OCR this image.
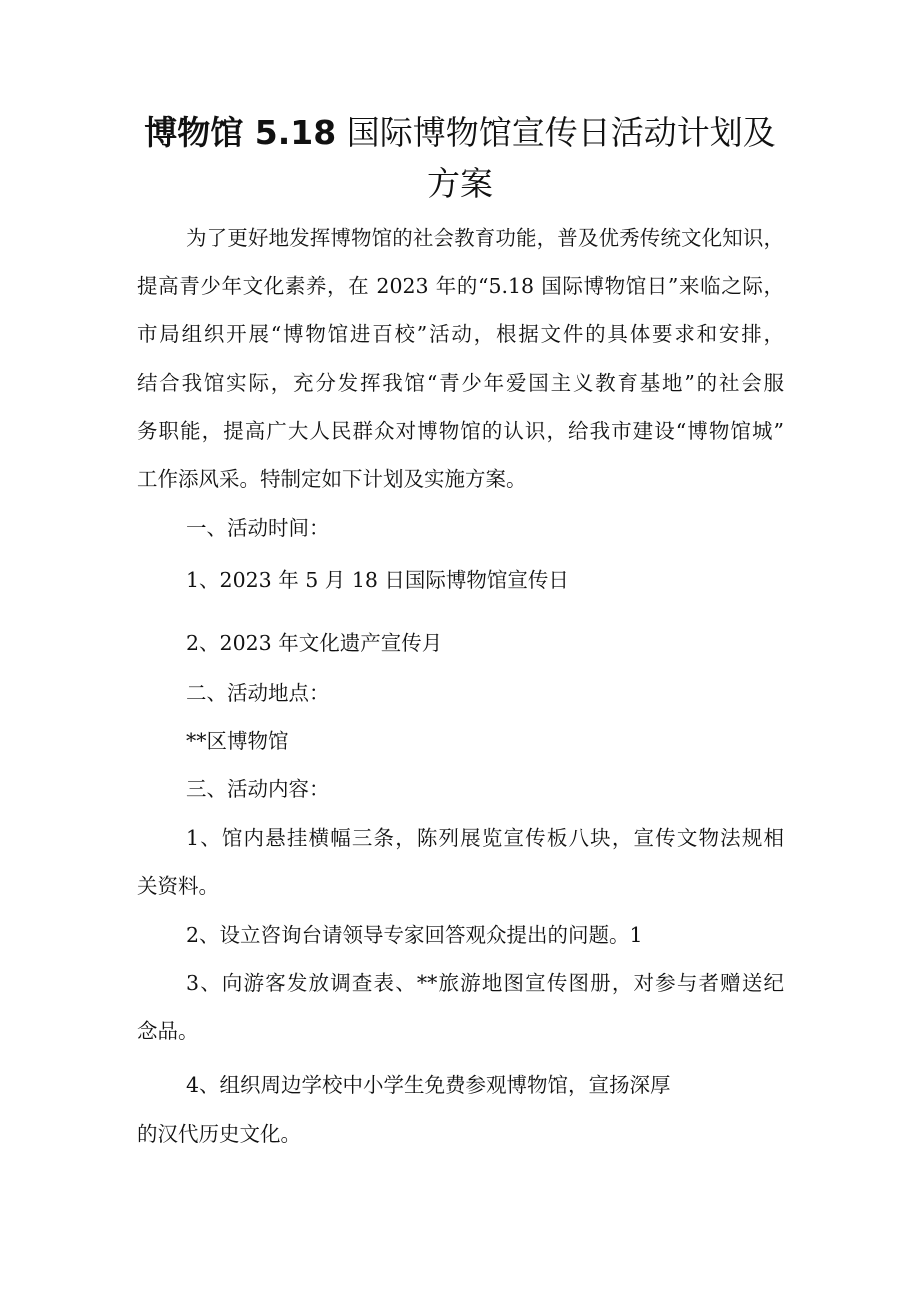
博物馆 5.18 国际博物馆宣传日活动计划及
方案

为了更好地发挥博物馆的社会教育功能，普及优秀传统文化知识，

提高青少年文化素养，在 2023 年的“5.18 国际博物馆日”来临之际，

市局组织开展“博物馆进百校”活动，根据文件的具体要求和安排，

结合我馆实际，充分发挥我馆“青少年爱国主义教育基地”的社会服

务职能，提高广大人民群众对博物馆的认识，给我市建设“博物馆城”

工作添风采。特制定如下计划及实施方案。

一、活动时间：

1、2023 年 5 月 18 日国际博物馆宣传日

2、2023 年文化遗产宣传月

二、活动地点：

**区博物馆

三、活动内容：

1、馆内悬挂横幅三条，陈列展览宣传板八块，宣传文物法规相

关资料。

2、设立咨询台请领导专家回答观众提出的问题。1

3、向游客发放调查表、**旅游地图宣传图册，对参与者赠送纪

念品。

4、组织周边学校中小学生免费参观博物馆，宣扬深厚

的汉代历史文化。
